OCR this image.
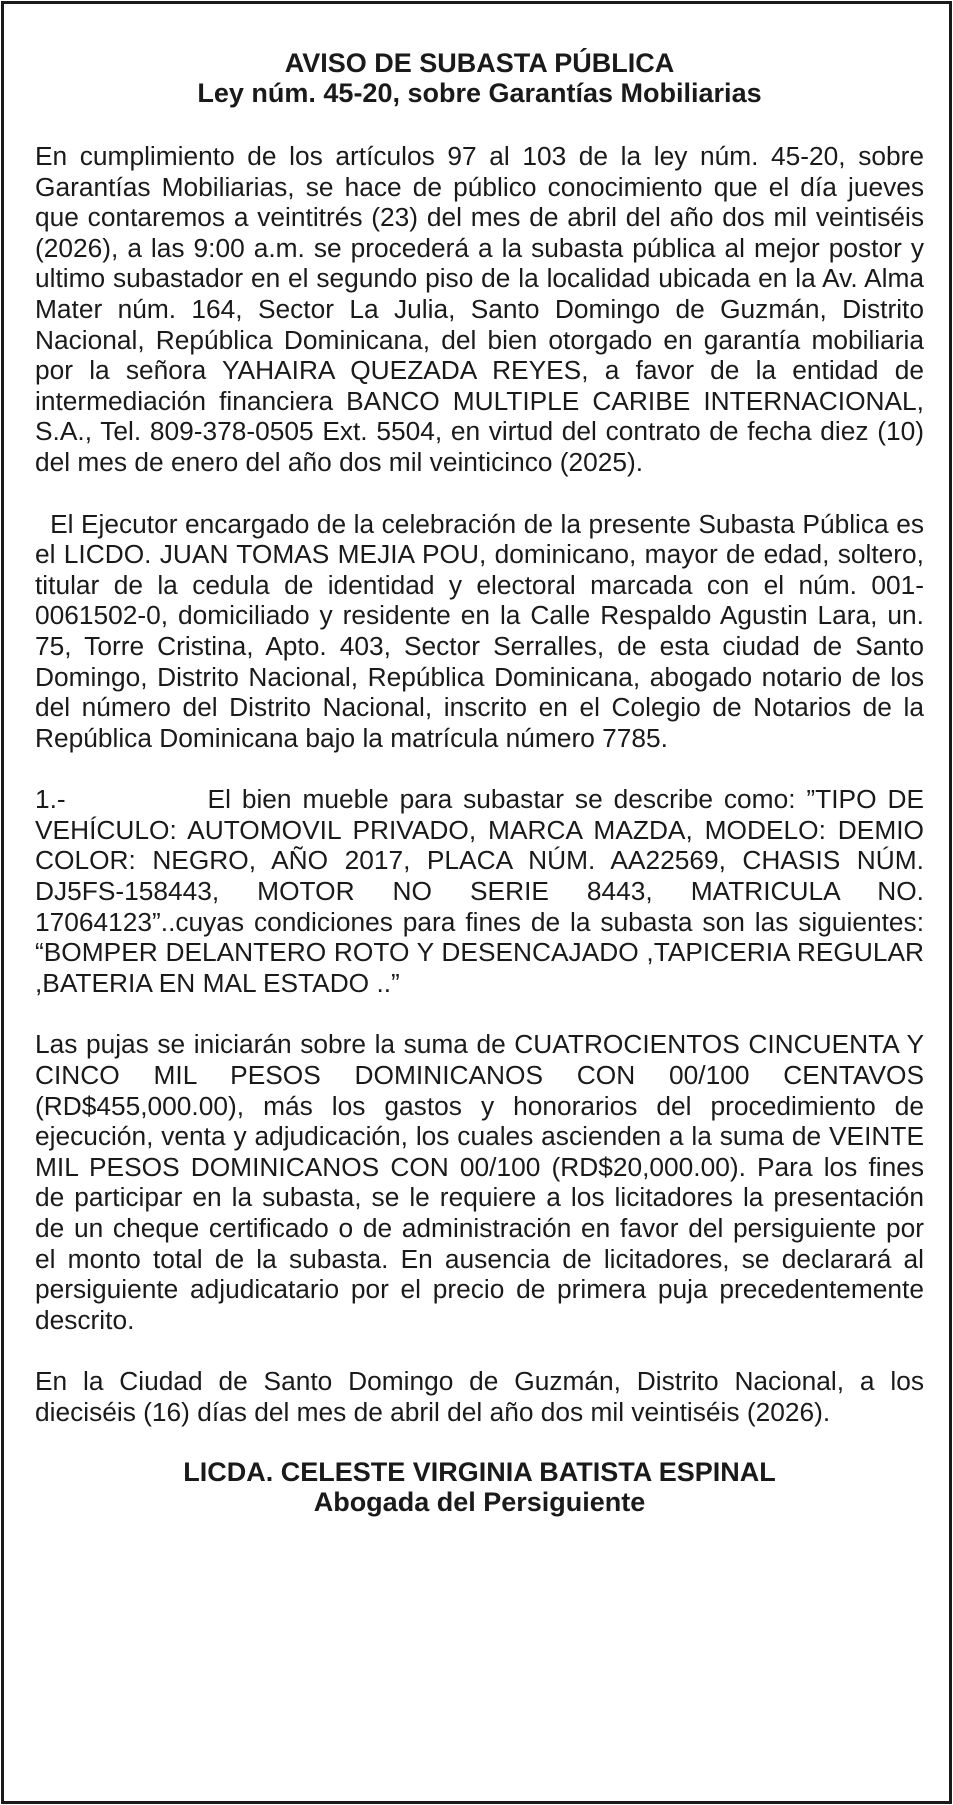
AVISO DE SUBASTA PÚBLICA

Ley núm. 45-20, sobre Garantías Mobiliarias

En cumplimiento de los artículos 97 al 103 de la ley núm. 45-20, sobre Garantías Mobiliarias, se hace de público conocimiento que el día jueves que contaremos a veintitrés (23) del mes de abril del año dos mil veintiséis (2026), a las 9:00 a.m. se procederá a la subasta pública al mejor postor y ultimo subastador en el segundo piso de la localidad ubicada en la Av. Alma Mater núm. 164, Sector La Julia, Santo Domingo de Guzmán, Distrito Nacional, República Dominicana, del bien otorgado en garantía mobiliaria por la señora YAHAIRA QUEZADA REYES, a favor de la entidad de intermediación financiera BANCO MULTIPLE CARIBE INTERNACIONAL, S.A., Tel. 809-378-0505 Ext. 5504, en virtud del contrato de fecha diez (10) del mes de enero del año dos mil veinticinco (2025).

El Ejecutor encargado de la celebración de la presente Subasta Pública es el LICDO. JUAN TOMAS MEJIA POU, dominicano, mayor de edad, soltero, titular de la cedula de identidad y electoral marcada con el núm. 001-0061502-0, domiciliado y residente en la Calle Respaldo Agustin Lara, un. 75, Torre Cristina, Apto. 403, Sector Serralles, de esta ciudad de Santo Domingo, Distrito Nacional, República Dominicana, abogado notario de los del número del Distrito Nacional, inscrito en el Colegio de Notarios de la República Dominicana bajo la matrícula número 7785.

1.-             El bien mueble para subastar se describe como: ”TIPO DE VEHÍCULO: AUTOMOVIL PRIVADO, MARCA MAZDA, MODELO: DEMIO COLOR: NEGRO, AÑO 2017, PLACA NÚM. AA22569, CHASIS NÚM. DJ5FS-158443, MOTOR NO SERIE 8443, MATRICULA NO. 17064123”..cuyas condiciones para fines de la subasta son las siguientes: “BOMPER DELANTERO ROTO Y DESENCAJADO ,TAPICERIA REGULAR ,BATERIA EN MAL ESTADO ..”

Las pujas se iniciarán sobre la suma de CUATROCIENTOS CINCUENTA Y CINCO MIL PESOS DOMINICANOS CON 00/100 CENTAVOS (RD$455,000.00), más los gastos y honorarios del procedimiento de ejecución, venta y adjudicación, los cuales ascienden a la suma de VEINTE MIL PESOS DOMINICANOS CON 00/100 (RD$20,000.00). Para los fines de participar en la subasta, se le requiere a los licitadores la presentación de un cheque certificado o de administración en favor del persiguiente por el monto total de la subasta. En ausencia de licitadores, se declarará al persiguiente adjudicatario por el precio de primera puja precedentemente descrito.

En la Ciudad de Santo Domingo de Guzmán, Distrito Nacional, a los dieciséis (16) días del mes de abril del año dos mil veintiséis (2026).

LICDA. CELESTE VIRGINIA BATISTA ESPINAL

Abogada del Persiguiente
